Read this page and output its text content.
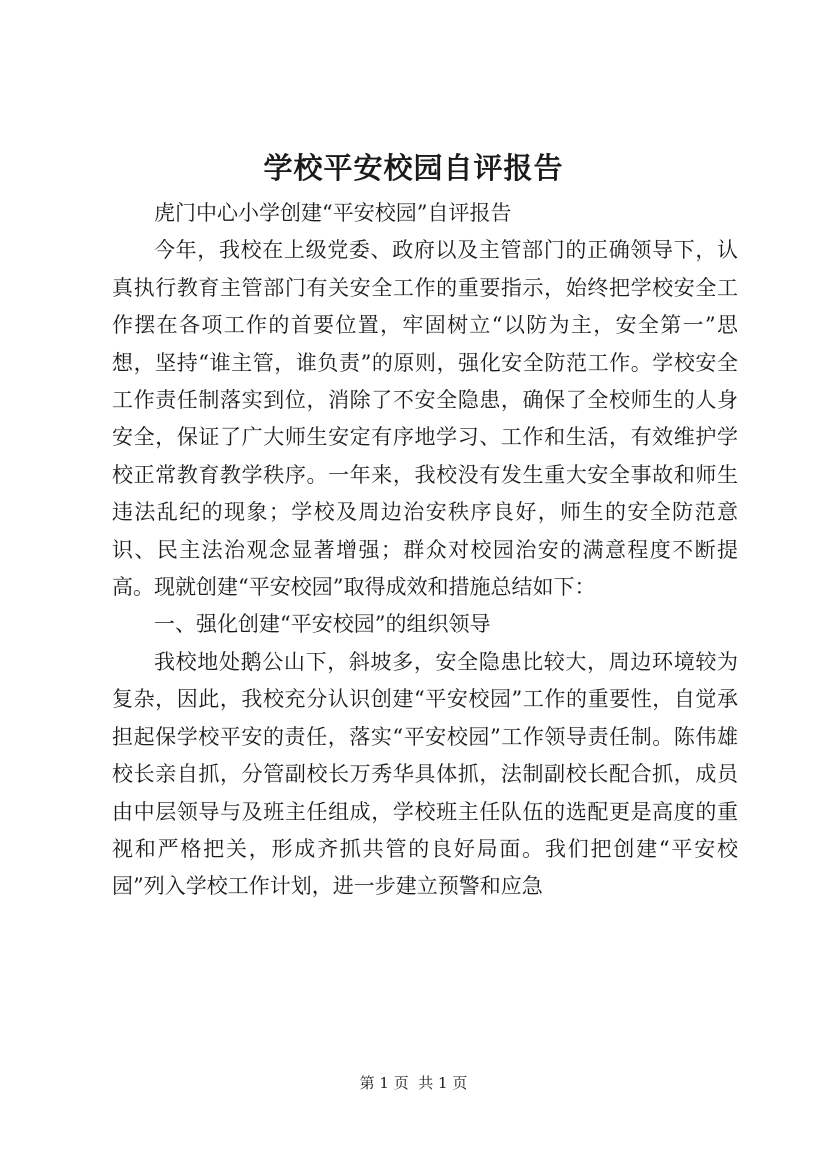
学校平安校园自评报告

虎门中心小学创建“平安校园”自评报告

今年，我校在上级党委、政府以及主管部门的正确领导下，认真执行教育主管部门有关安全工作的重要指示，始终把学校安全工作摆在各项工作的首要位置，牢固树立“以防为主，安全第一”思想，坚持“谁主管，谁负责”的原则，强化安全防范工作。学校安全工作责任制落实到位，消除了不安全隐患，确保了全校师生的人身安全，保证了广大师生安定有序地学习、工作和生活，有效维护学校正常教育教学秩序。一年来，我校没有发生重大安全事故和师生违法乱纪的现象；学校及周边治安秩序良好，师生的安全防范意识、民主法治观念显著增强；群众对校园治安的满意程度不断提高。现就创建“平安校园”取得成效和措施总结如下：

一、强化创建“平安校园”的组织领导

我校地处鹅公山下，斜坡多，安全隐患比较大，周边环境较为复杂，因此，我校充分认识创建“平安校园”工作的重要性，自觉承担起保学校平安的责任，落实“平安校园”工作领导责任制。陈伟雄校长亲自抓，分管副校长万秀华具体抓，法制副校长配合抓，成员由中层领导与及班主任组成，学校班主任队伍的选配更是高度的重视和严格把关，形成齐抓共管的良好局面。我们把创建“平安校园”列入学校工作计划，进一步建立预警和应急

第 1 页  共 1 页
